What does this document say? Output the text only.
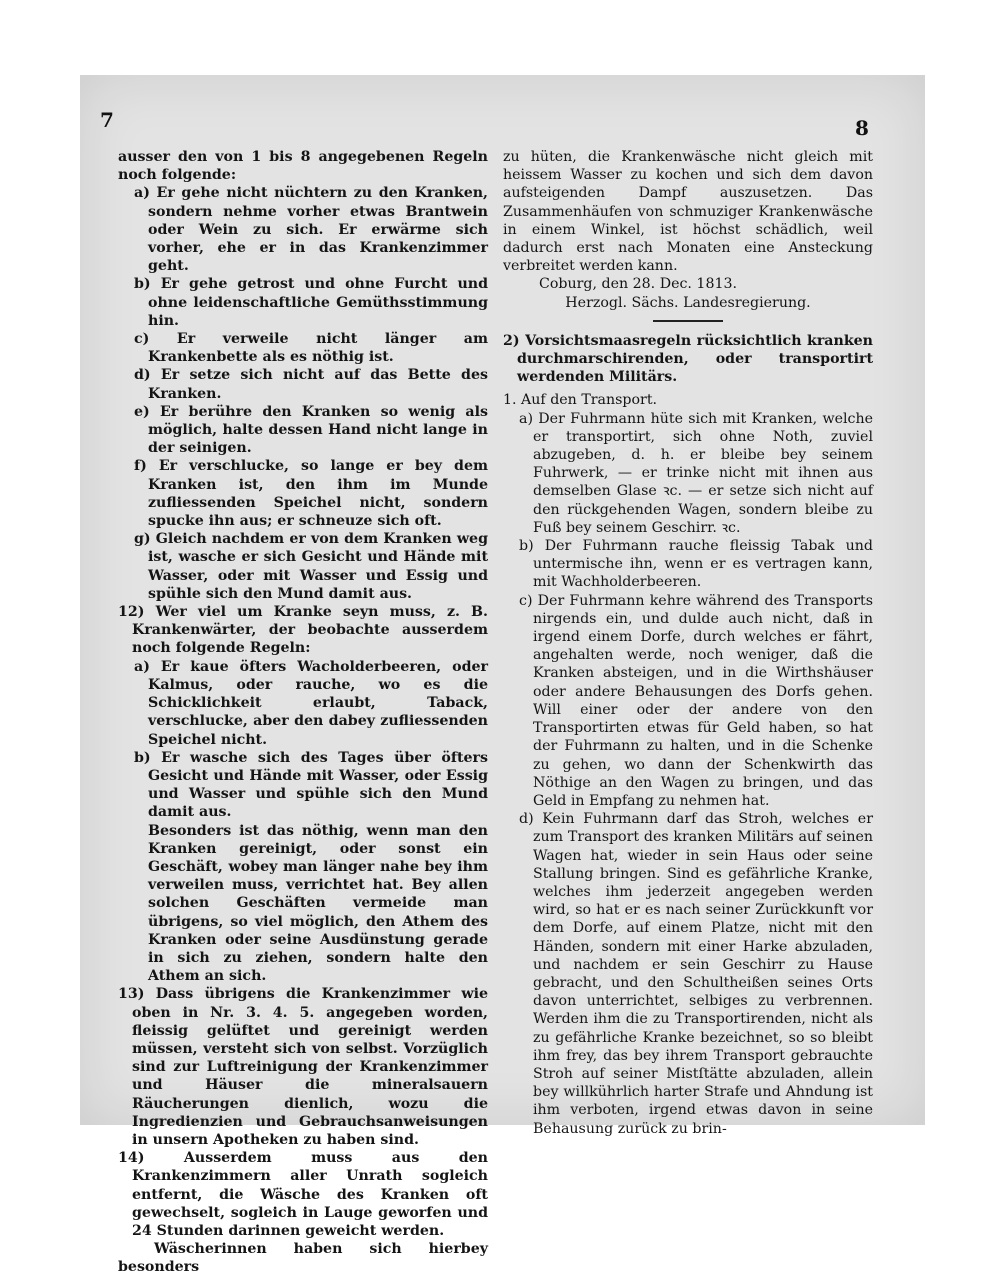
7	8

ausser den von 1 bis 8 angegebenen Regeln noch folgende:

a) Er gehe nicht nüchtern zu den Kranken, sondern nehme vorher etwas Brantwein oder Wein zu sich. Er erwärme sich vorher, ehe er in das Krankenzimmer geht.

b) Er gehe getrost und ohne Furcht und ohne leidenschaftliche Gemüthsstimmung hin.

c) Er verweile nicht länger am Krankenbette als es nöthig ist.

d) Er setze sich nicht auf das Bette des Kranken.

e) Er berühre den Kranken so wenig als möglich, halte dessen Hand nicht lange in der seinigen.

f) Er verschlucke, so lange er bey dem Kranken ist, den ihm im Munde zufliessenden Speichel nicht, sondern spucke ihn aus; er schneuze sich oft.

g) Gleich nachdem er von dem Kranken weg ist, wasche er sich Gesicht und Hände mit Wasser, oder mit Wasser und Essig und spühle sich den Mund damit aus.

12) Wer viel um Kranke seyn muss, z. B. Krankenwärter, der beobachte ausserdem noch folgende Regeln:

a) Er kaue öfters Wacholderbeeren, oder Kalmus, oder rauche, wo es die Schicklichkeit erlaubt, Taback, verschlucke, aber den dabey zufliessenden Speichel nicht.

b) Er wasche sich des Tages über öfters Gesicht und Hände mit Wasser, oder Essig und Wasser und spühle sich den Mund damit aus.

Besonders ist das nöthig, wenn man den Kranken gereinigt, oder sonst ein Geschäft, wobey man länger nahe bey ihm verweilen muss, verrichtet hat. Bey allen solchen Geschäften vermeide man übrigens, so viel möglich, den Athem des Kranken oder seine Ausdünstung gerade in sich zu ziehen, sondern halte den Athem an sich.

13) Dass übrigens die Krankenzimmer wie oben in Nr. 3. 4. 5. angegeben worden, fleissig gelüftet und gereinigt werden müssen, versteht sich von selbst. Vorzüglich sind zur Luftreinigung der Krankenzimmer und Häuser die mineralsauern Räucherungen dienlich, wozu die Ingredienzien und Gebrauchsanweisungen in unsern Apotheken zu haben sind.

14) Ausserdem muss aus den Krankenzimmern aller Unrath sogleich entfernt, die Wäsche des Kranken oft gewechselt, sogleich in Lauge geworfen und 24 Stunden darinnen geweicht werden.

Wäscherinnen haben sich hierbey besonders

zu hüten, die Krankenwäsche nicht gleich mit heissem Wasser zu kochen und sich dem davon aufsteigenden Dampf auszusetzen. Das Zusammenhäufen von schmuziger Krankenwäsche in einem Winkel, ist höchst schädlich, weil dadurch erst nach Monaten eine Ansteckung verbreitet werden kann.

Coburg, den 28. Dec. 1813.

Herzogl. Sächs. Landesregierung.

2) Vorsichtsmaasregeln rücksichtlich kranken durchmarschirenden, oder transportirt werdenden Militärs.

1. Auf den Transport.

a) Der Fuhrmann hüte sich mit Kranken, welche er transportirt, sich ohne Noth, zuviel abzugeben, d. h. er bleibe bey seinem Fuhrwerk, — er trinke nicht mit ihnen aus demselben Glase ꝛc. — er setze sich nicht auf den rückgehenden Wagen, sondern bleibe zu Fuß bey seinem Geschirr. ꝛc.

b) Der Fuhrmann rauche fleissig Tabak und untermische ihn, wenn er es vertragen kann, mit Wachholderbeeren.

c) Der Fuhrmann kehre während des Transports nirgends ein, und dulde auch nicht, daß in irgend einem Dorfe, durch welches er fährt, angehalten werde, noch weniger, daß die Kranken absteigen, und in die Wirthshäuser oder andere Behausungen des Dorfs gehen. Will einer oder der andere von den Transportirten etwas für Geld haben, so hat der Fuhrmann zu halten, und in die Schenke zu gehen, wo dann der Schenkwirth das Nöthige an den Wagen zu bringen, und das Geld in Empfang zu nehmen hat.

d) Kein Fuhrmann darf das Stroh, welches er zum Transport des kranken Militärs auf seinen Wagen hat, wieder in sein Haus oder seine Stallung bringen. Sind es gefährliche Kranke, welches ihm jederzeit angegeben werden wird, so hat er es nach seiner Zurückkunft vor dem Dorfe, auf einem Platze, nicht mit den Händen, sondern mit einer Harke abzuladen, und nachdem er sein Geschirr zu Hause gebracht, und den Schultheißen seines Orts davon unterrichtet, selbiges zu verbrennen. Werden ihm die zu Transportirenden, nicht als zu gefährliche Kranke bezeichnet, so so bleibt ihm frey, das bey ihrem Transport gebrauchte Stroh auf seiner Mistſtätte abzuladen, allein bey willkührlich harter Strafe und Ahndung ist ihm verboten, irgend etwas davon in seine Behausung zurück zu brin-
